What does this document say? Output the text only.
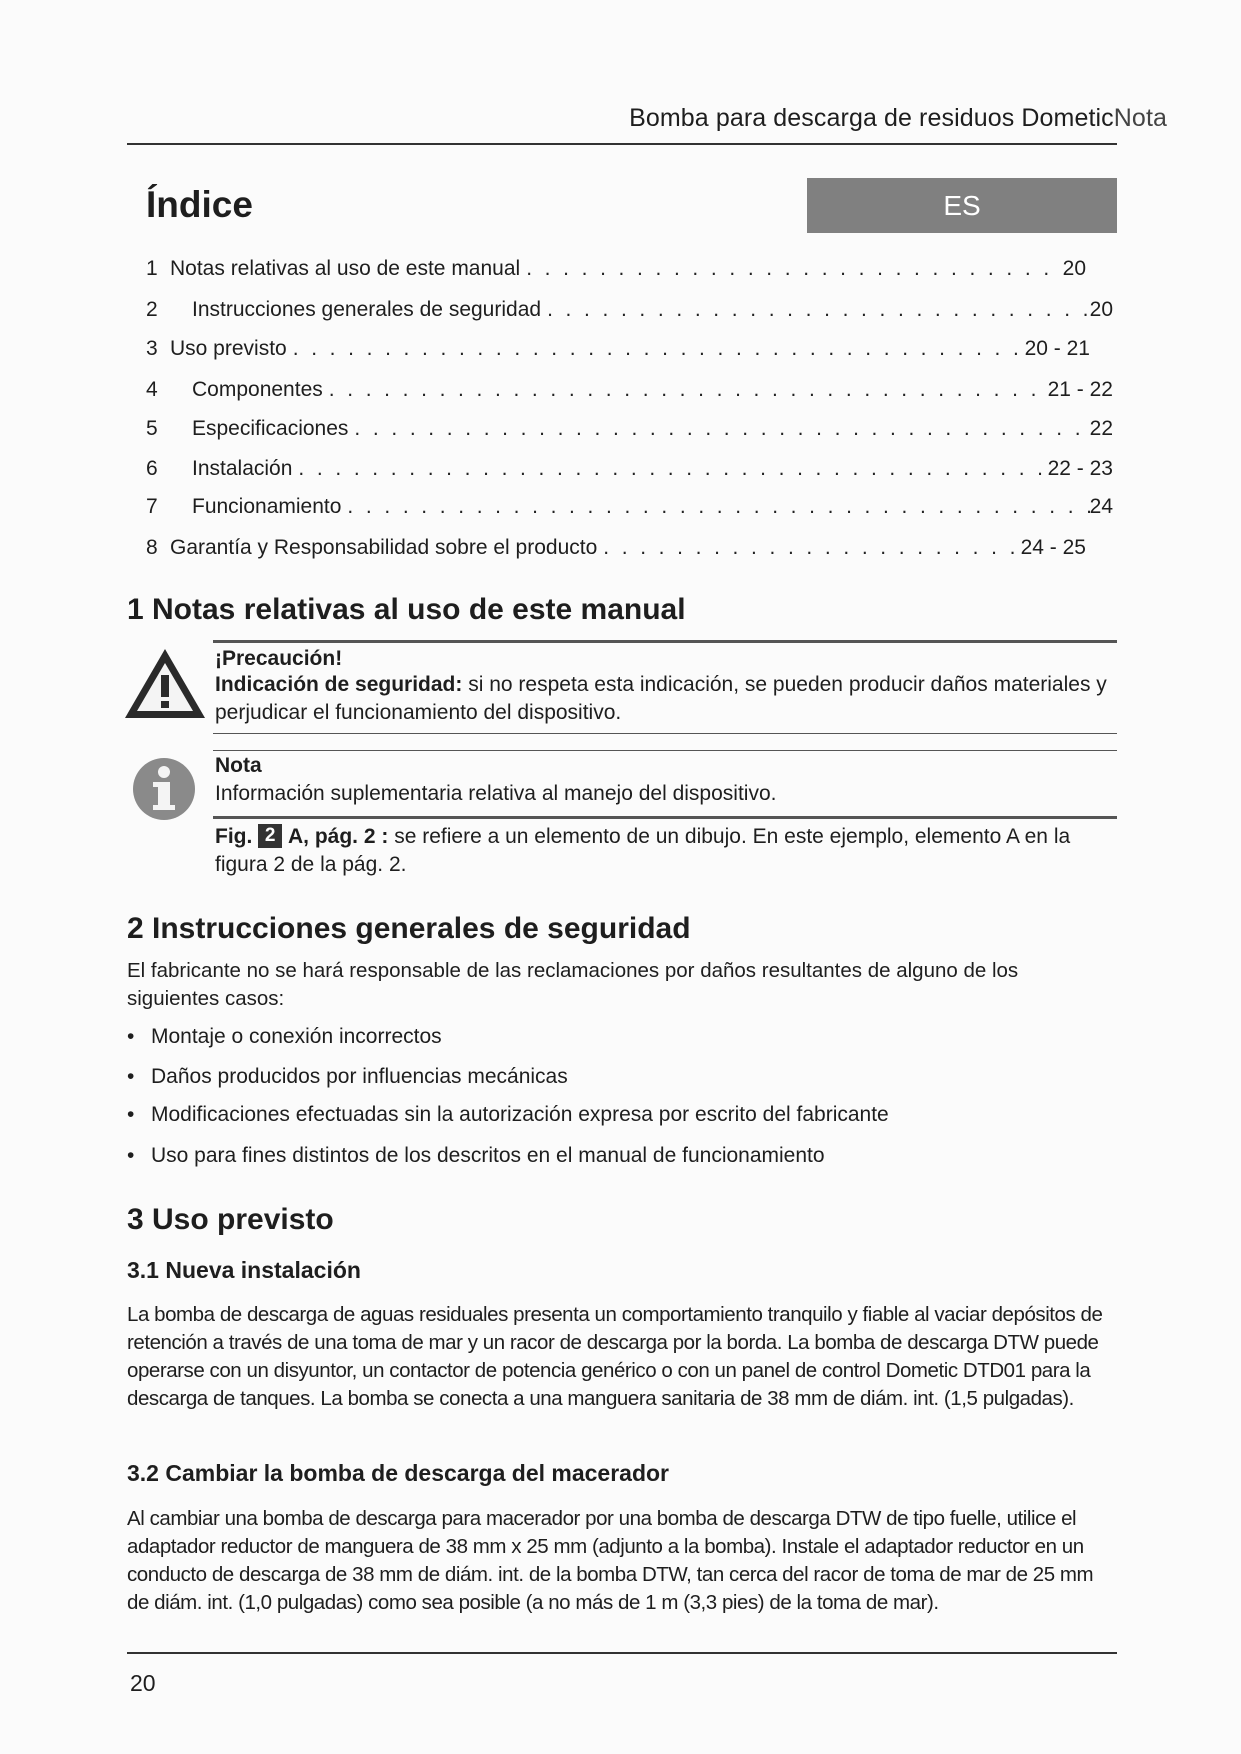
Bomba para descarga de residuos DometicNota
Índice	ES
1 Notas relativas al uso de este manual . . .	20
2	Instrucciones generales de seguridad . . .	20
3 Uso previsto . . .	20 - 21
4	Componentes . . .	21 - 22
5	Especificaciones . . .	22
6	Instalación . . .	22 - 23
7	Funcionamiento . . .	24
8 Garantía y Responsabilidad sobre el producto . . .	24 - 25
1 Notas relativas al uso de este manual
¡Precaución!
Indicación de seguridad: si no respeta esta indicación, se pueden producir daños materiales y perjudicar el funcionamiento del dispositivo.
Nota
Información suplementaria relativa al manejo del dispositivo.
Fig. 2 A, pág. 2 : se refiere a un elemento de un dibujo. En este ejemplo, elemento A en la figura 2 de la pág. 2.
2 Instrucciones generales de seguridad
El fabricante no se hará responsable de las reclamaciones por daños resultantes de alguno de los siguientes casos:
• Montaje o conexión incorrectos
• Daños producidos por influencias mecánicas
• Modificaciones efectuadas sin la autorización expresa por escrito del fabricante
• Uso para fines distintos de los descritos en el manual de funcionamiento
3 Uso previsto
3.1 Nueva instalación
La bomba de descarga de aguas residuales presenta un comportamiento tranquilo y fiable al vaciar depósitos de retención a través de una toma de mar y un racor de descarga por la borda. La bomba de descarga DTW puede operarse con un disyuntor, un contactor de potencia genérico o con un panel de control Dometic DTD01 para la descarga de tanques. La bomba se conecta a una manguera sanitaria de 38 mm de diám. int. (1,5 pulgadas).
3.2 Cambiar la bomba de descarga del macerador
Al cambiar una bomba de descarga para macerador por una bomba de descarga DTW de tipo fuelle, utilice el adaptador reductor de manguera de 38 mm x 25 mm (adjunto a la bomba). Instale el adaptador reductor en un conducto de descarga de 38 mm de diám. int. de la bomba DTW, tan cerca del racor de toma de mar de 25 mm de diám. int. (1,0 pulgadas) como sea posible (a no más de 1 m (3,3 pies) de la toma de mar).
20
